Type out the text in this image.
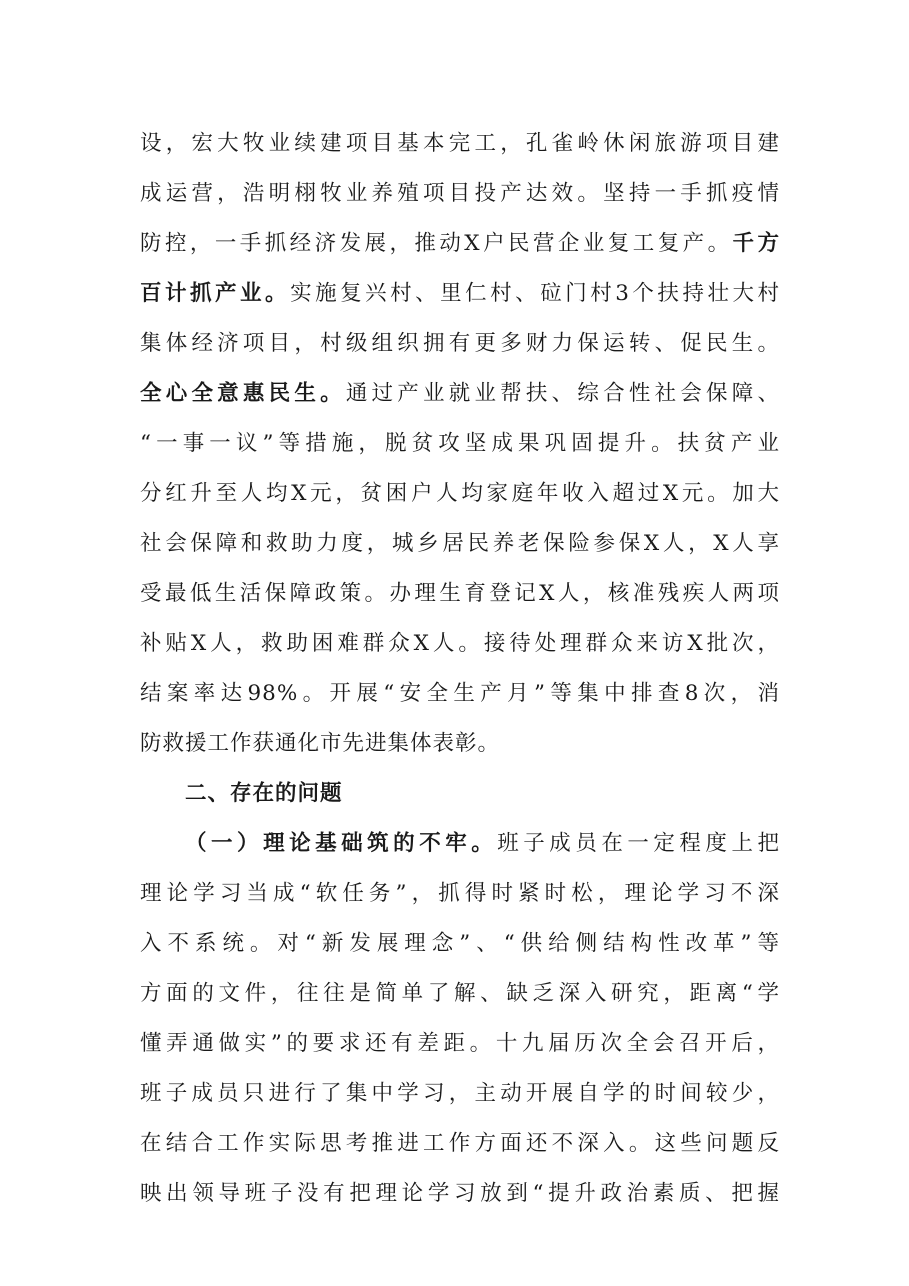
设，宏大牧业续建项目基本完工，孔雀岭休闲旅游项目建
成运营，浩明栩牧业养殖项目投产达效。坚持一手抓疫情
防控，一手抓经济发展，推动X户民营企业复工复产。千方
百计抓产业。实施复兴村、里仁村、砬门村3个扶持壮大村
集体经济项目，村级组织拥有更多财力保运转、促民生。
全心全意惠民生。通过产业就业帮扶、综合性社会保障、
“一事一议”等措施，脱贫攻坚成果巩固提升。扶贫产业
分红升至人均X元，贫困户人均家庭年收入超过X元。加大
社会保障和救助力度，城乡居民养老保险参保X人，X人享
受最低生活保障政策。办理生育登记X人，核准残疾人两项
补贴X人，救助困难群众X人。接待处理群众来访X批次，
结案率达98%。开展“安全生产月”等集中排查8次，消
防救援工作获通化市先进集体表彰。
二、存在的问题
（一）理论基础筑的不牢。班子成员在一定程度上把
理论学习当成“软任务”，抓得时紧时松，理论学习不深
入不系统。对“新发展理念”、“供给侧结构性改革”等
方面的文件，往往是简单了解、缺乏深入研究，距离“学
懂弄通做实”的要求还有差距。十九届历次全会召开后，
班子成员只进行了集中学习，主动开展自学的时间较少，
在结合工作实际思考推进工作方面还不深入。这些问题反
映出领导班子没有把理论学习放到“提升政治素质、把握
